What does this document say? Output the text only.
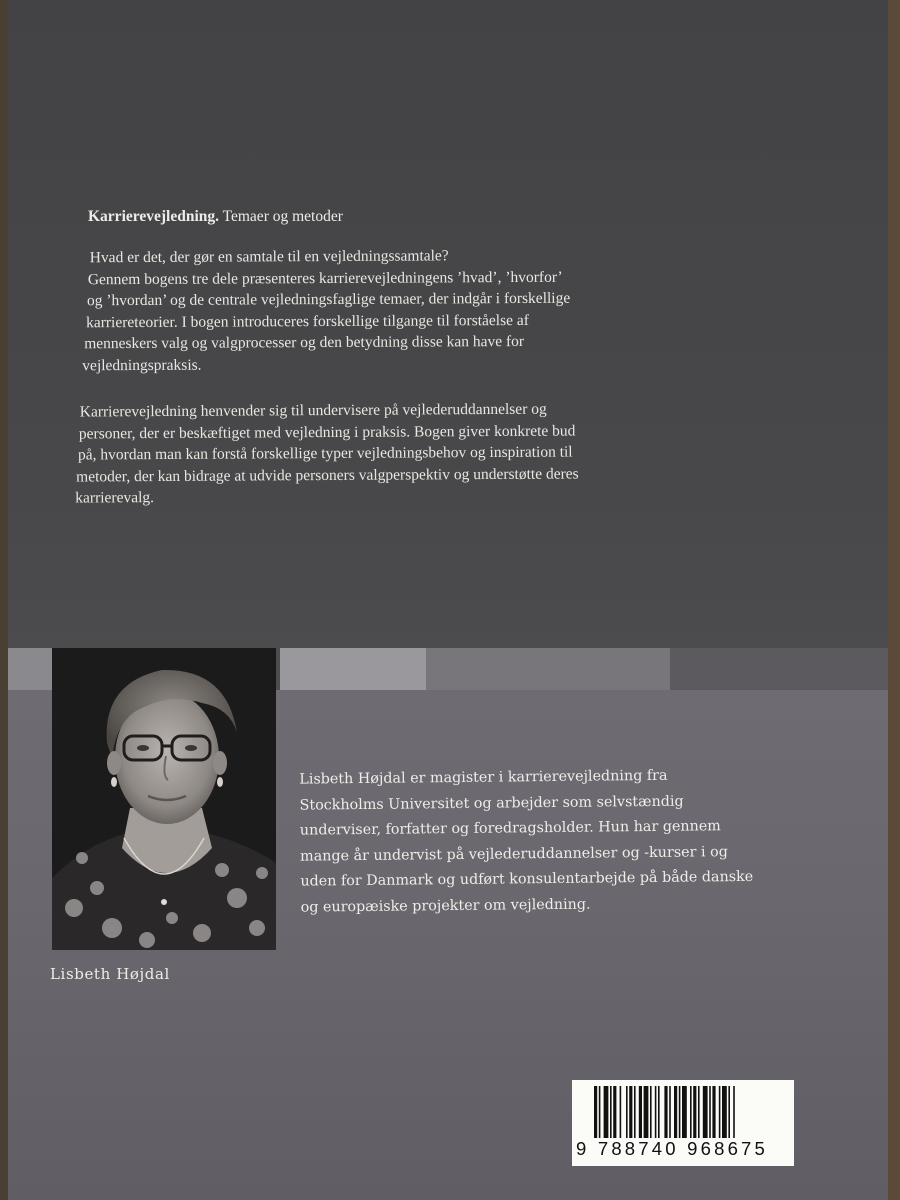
Karrierevejledning. Temaer og metoder

Hvad er det, der gør en samtale til en vejledningssamtale?

Gennem bogens tre dele præsenteres karrierevejledningens ’hvad’, ’hvorfor’

og ’hvordan’ og de centrale vejledningsfaglige temaer, der indgår i forskellige

karriereteorier. I bogen introduceres forskellige tilgange til forståelse af

menneskers valg og valgprocesser og den betydning disse kan have for

vejledningspraksis.

Karrierevejledning henvender sig til undervisere på vejlederuddannelser og

personer, der er beskæftiget med vejledning i praksis. Bogen giver konkrete bud

på, hvordan man kan forstå forskellige typer vejledningsbehov og inspiration til

metoder, der kan bidrage at udvide personers valgperspektiv og understøtte deres

karrierevalg.

Lisbeth Højdal
Lisbeth Højdal er magister i karrierevejledning fra
Stockholms Universitet og arbejder som selvstændig
underviser, forfatter og foredragsholder. Hun har gennem
mange år undervist på vejlederuddannelser og -kurser i og
uden for Danmark og udført konsulentarbejde på både danske
og europæiske projekter om vejledning.
9 788740 968675
